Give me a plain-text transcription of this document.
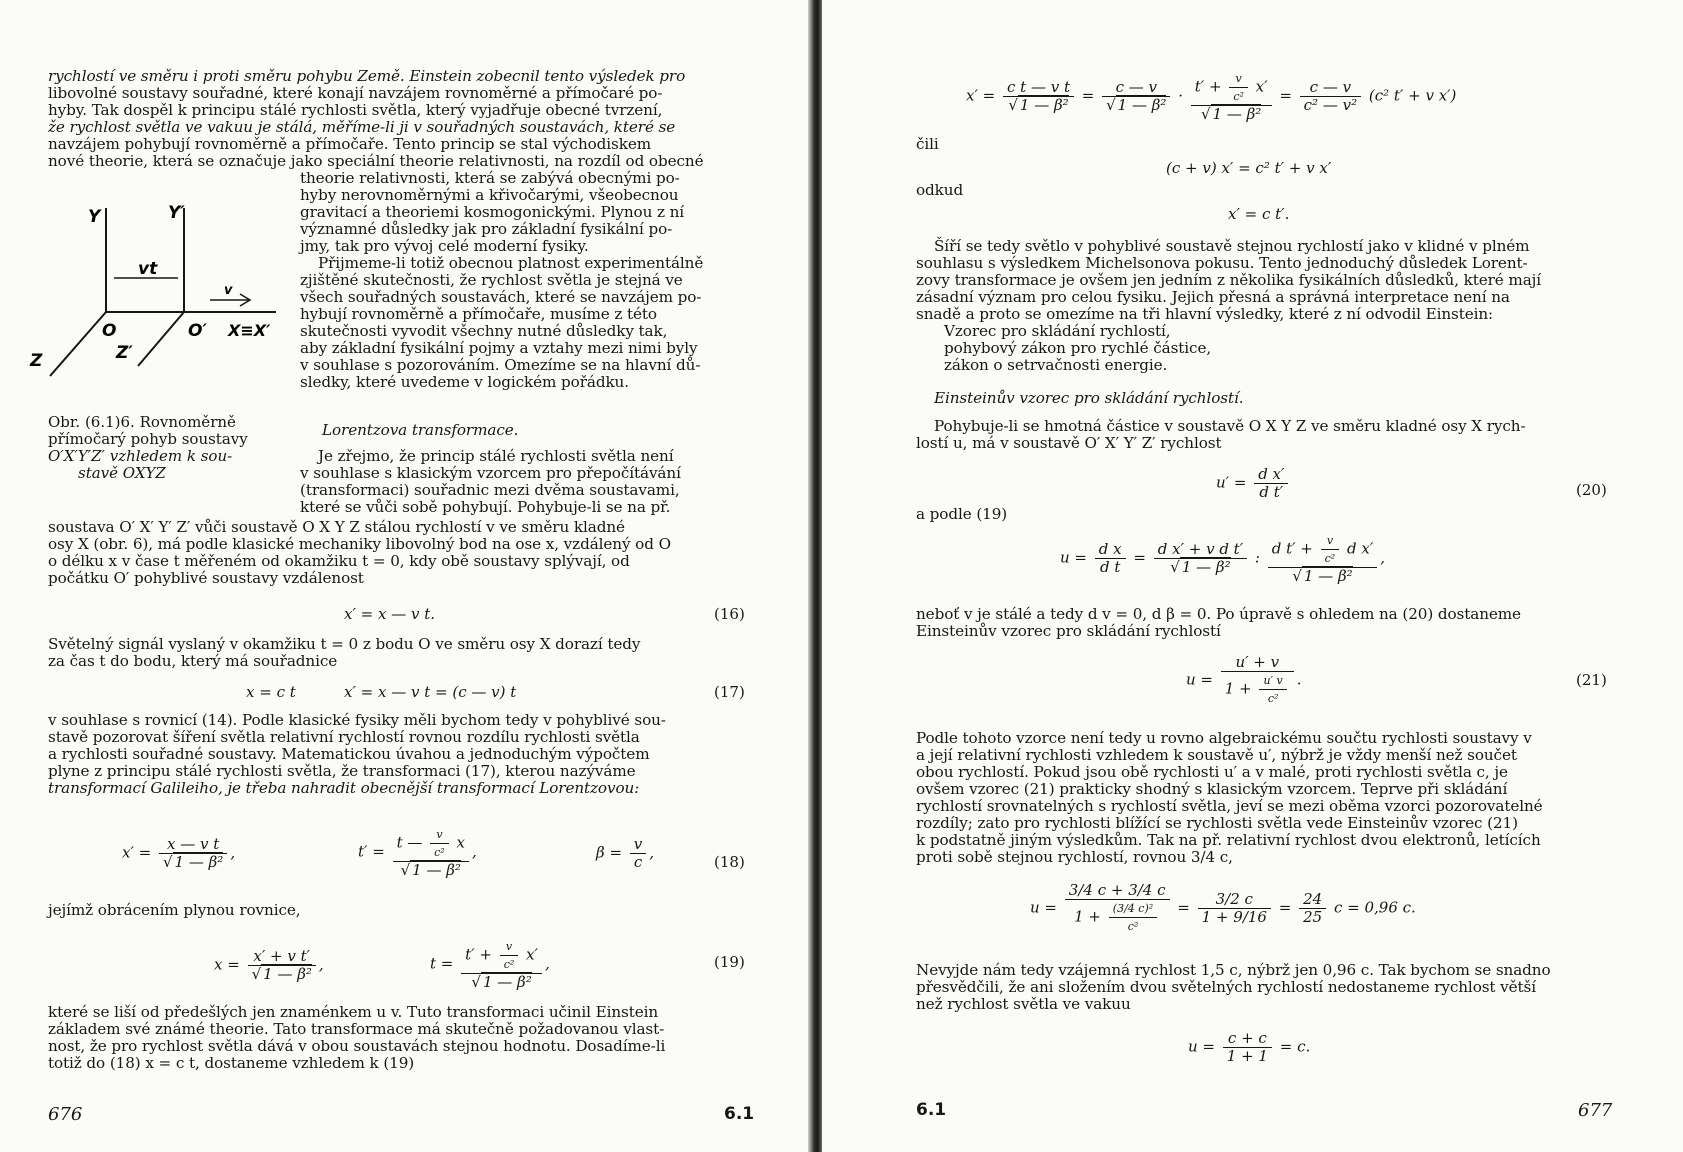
rychlostí ve směru i proti směru pohybu Země. Einstein zobecnil tento výsledek pro
libovolné soustavy souřadné, které konají navzájem rovnoměrné a přímočaré po-
hyby. Tak dospěl k principu stálé rychlosti světla, který vyjadřuje obecné tvrzení,
že rychlost světla ve vakuu je stálá, měříme-li ji v souřadných soustavách, které se
navzájem pohybují rovnoměrně a přímočaře. Tento princip se stal východiskem
nové theorie, která se označuje jako speciální theorie relativnosti, na rozdíl od obecné
Y	Y′
vt
v
O	O′ X≡X′
Z	Z′
theorie relativnosti, která se zabývá obecnými po-
hyby nerovnoměrnými a křivočarými, všeobecnou
gravitací a theoriemi kosmogonickými. Plynou z ní
významné důsledky jak pro základní fysikální po-
jmy, tak pro vývoj celé moderní fysiky.
Přijmeme-li totiž obecnou platnost experimentálně
zjištěné skutečnosti, že rychlost světla je stejná ve
všech souřadných soustavách, které se navzájem po-
hybují rovnoměrně a přímočaře, musíme z této
skutečnosti vyvodit všechny nutné důsledky tak,
aby základní fysikální pojmy a vztahy mezi nimi byly
v souhlase s pozorováním. Omezíme se na hlavní dů-
sledky, které uvedeme v logickém pořádku.
Lorentzova transformace.
Je zřejmo, že princip stálé rychlosti světla není
v souhlase s klasickým vzorcem pro přepočítávání
(transformaci) souřadnic mezi dvěma soustavami,
které se vůči sobě pohybují. Pohybuje-li se na př.
Obr. (6.1)6. Rovnoměrně
přímočarý pohyb soustavy
O′X′Y′Z′ vzhledem k sou-
stavě OXYZ
soustava O′ X′ Y′ Z′ vůči soustavě O X Y Z stálou rychlostí v ve směru kladné
osy X (obr. 6), má podle klasické mechaniky libovolný bod na ose x, vzdálený od O
o délku x v čase t měřeném od okamžiku t = 0, kdy obě soustavy splývají, od
počátku O′ pohyblivé soustavy vzdálenost
x′ = x — v t.	(16)
Světelný signál vyslaný v okamžiku t = 0 z bodu O ve směru osy X dorazí tedy
za čas t do bodu, který má souřadnice
x = c t	x′ = x — v t = (c — v) t	(17)
v souhlase s rovnicí (14). Podle klasické fysiky měli bychom tedy v pohyblivé sou-
stavě pozorovat šíření světla relativní rychlostí rovnou rozdílu rychlosti světla
a rychlosti souřadné soustavy. Matematickou úvahou a jednoduchým výpočtem
plyne z principu stálé rychlosti světla, že transformaci (17), kterou nazýváme
transformací Galileiho, je třeba nahradit obecnější transformací Lorentzovou:
$x' = \frac{\text{x — v t}}{\text{√ 1 — β²}}$ ,	$t' = \frac{t — \frac{v}{\text{c²}} x}{\text{√ 1 — β²}}$ ,	$\beta = \frac{v}{c}$ ,
(18)
jejímž obrácením plynou rovnice,
$x = \frac{\text{x′ + v t′}}{\text{√ 1 — β²}}$ ,	$t = \frac{t' + \frac{v}{\text{c²}} x'}{\text{√ 1 — β²}}$ ,	(19)
které se liší od předešlých jen znaménkem u v. Tuto transformaci učinil Einstein
základem své známé theorie. Tato transformace má skutečně požadovanou vlast-
nost, že pro rychlost světla dává v obou soustavách stejnou hodnotu. Dosadíme-li
totiž do (18) x = c t, dostaneme vzhledem k (19)
676	6.1
$x' = \frac{\text{c t — v t}}{\text{√ 1 — β²}} = \frac{c — v}{\text{√ 1 — β²}} \cdot \frac{t' + \frac{v}{\text{c²}} x'}{\text{√ 1 — β²}} = \frac{c — v}{\text{c² — v²}} (c^2$ t′ + v x′)
čili
(c + v) x′ = c² t′ + v x′
odkud
x′ = c t′.
Šíří se tedy světlo v pohyblivé soustavě stejnou rychlostí jako v klidné v plném
souhlasu s výsledkem Michelsonova pokusu. Tento jednoduchý důsledek Lorent-
zovy transformace je ovšem jen jedním z několika fysikálních důsledků, které mají
zásadní význam pro celou fysiku. Jejich přesná a správná interpretace není na
snadě a proto se omezíme na tři hlavní výsledky, které z ní odvodil Einstein:
Vzorec pro skládání rychlostí,
pohybový zákon pro rychlé částice,
zákon o setrvačnosti energie.
Einsteinův vzorec pro skládání rychlostí.
Pohybuje-li se hmotná částice v soustavě O X Y Z ve směru kladné osy X rych-
lostí u, má v soustavě O′ X′ Y′ Z′ rychlost
$u' = \frac{\text{d x′}}{\text{d t′}}$	(20)
a podle (19)
$u = \frac{\text{d x}}{\text{d t}} = \frac{\text{d x′ + v d t′}}{\text{√ 1 — β²}}$ : $\frac{d t' + \frac{v}{\text{c²}} d x'}{\text{√ 1 — β²}}$ ,
neboť v je stálé a tedy d v = 0, d β = 0. Po úpravě s ohledem na (20) dostaneme
Einsteinův vzorec pro skládání rychlostí
$u = \frac{u' + v}{1 + \frac{u' v}{\text{c²}}}$ .	(21)
Podle tohoto vzorce není tedy u rovno algebraickému součtu rychlosti soustavy v
a její relativní rychlosti vzhledem k soustavě u′, nýbrž je vždy menší než součet
obou rychlostí. Pokud jsou obě rychlosti u′ a v malé, proti rychlosti světla c, je
ovšem vzorec (21) prakticky shodný s klasickým vzorcem. Teprve při skládání
rychlostí srovnatelných s rychlostí světla, jeví se mezi oběma vzorci pozorovatelné
rozdíly; zato pro rychlosti blížící se rychlosti světla vede Einsteinův vzorec (21)
k podstatně jiným výsledkům. Tak na př. relativní rychlost dvou elektronů, letících
proti sobě stejnou rychlostí, rovnou 3/4 c,
$u = \frac{3/4 c + 3/4 c}{1 + \frac{\text{(3/4 c)²}}{\text{c²}}} = \frac{3/2 c}{1 + 9/16} = \frac{24}{25}$ c = 0,96 c.
Nevyjde nám tedy vzájemná rychlost 1,5 c, nýbrž jen 0,96 c. Tak bychom se snadno
přesvědčili, že ani složením dvou světelných rychlostí nedostaneme rychlost větší
než rychlost světla ve vakuu
$u = \frac{c + c}{1 + 1} = c$.
6.1	677
